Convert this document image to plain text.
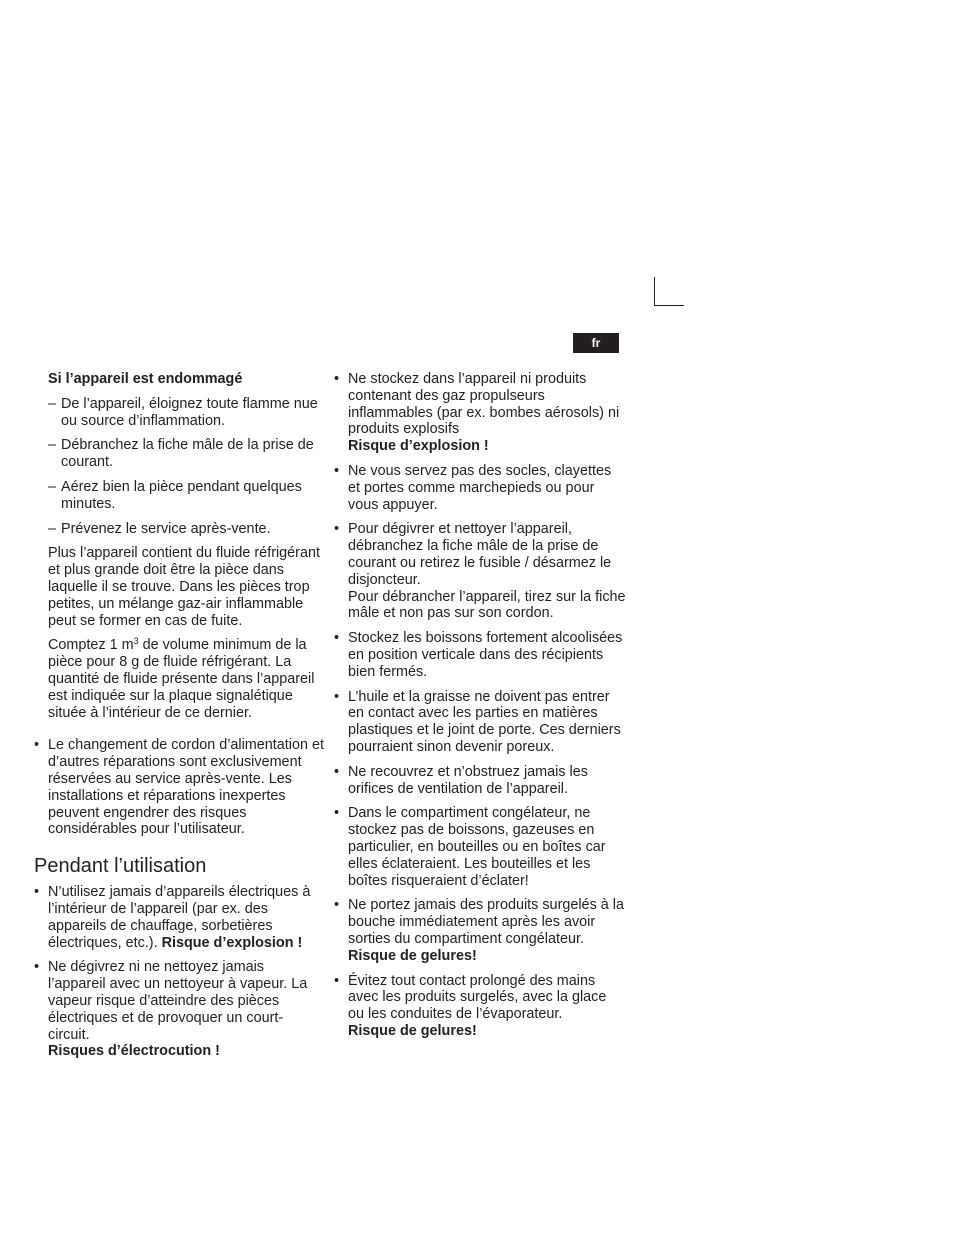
fr

Si l’appareil est endommagé

– De l’appareil, éloignez toute flamme nue ou source d’inflammation.
– Débranchez la fiche mâle de la prise de courant.
– Aérez bien la pièce pendant quelques minutes.
– Prévenez le service après-vente.

Plus l’appareil contient du fluide réfrigérant et plus grande doit être la pièce dans laquelle il se trouve. Dans les pièces trop petites, un mélange gaz-air inflammable peut se former en cas de fuite.

Comptez 1 $m^3$ de volume minimum de la pièce pour 8 g de fluide réfrigérant. La quantité de fluide présente dans l’appareil est indiquée sur la plaque signalétique située à l’intérieur de ce dernier.

• Le changement de cordon d’alimentation et d’autres réparations sont exclusivement réservées au service après-vente. Les installations et réparations inexpertes peuvent engendrer des risques considérables pour l’utilisateur.
Pendant l’utilisation
• N’utilisez jamais d’appareils électriques à l’intérieur de l’appareil (par ex. des appareils de chauffage, sorbetières électriques, etc.). Risque d’explosion !
• Ne dégivrez ni ne nettoyez jamais l’appareil avec un nettoyeur à vapeur. La vapeur risque d’atteindre des pièces électriques et de provoquer un court-circuit.
Risques d’électrocution !
• Ne stockez dans l’appareil ni produits contenant des gaz propulseurs inflammables (par ex. bombes aérosols) ni produits explosifs
Risque d’explosion !
• Ne vous servez pas des socles, clayettes et portes comme marchepieds ou pour vous appuyer.
• Pour dégivrer et nettoyer l’appareil, débranchez la fiche mâle de la prise de courant ou retirez le fusible / désarmez le disjoncteur.
Pour débrancher l’appareil, tirez sur la fiche mâle et non pas sur son cordon.
• Stockez les boissons fortement alcoolisées en position verticale dans des récipients bien fermés.
• L’huile et la graisse ne doivent pas entrer en contact avec les parties en matières plastiques et le joint de porte. Ces derniers pourraient sinon devenir poreux.
• Ne recouvrez et n’obstruez jamais les orifices de ventilation de l’appareil.
• Dans le compartiment congélateur, ne stockez pas de boissons, gazeuses en particulier, en bouteilles ou en boîtes car elles éclateraient. Les bouteilles et les boîtes risqueraient d’éclater!
• Ne portez jamais des produits surgelés à la bouche immédiatement après les avoir sorties du compartiment congélateur.
Risque de gelures!
• Évitez tout contact prolongé des mains avec les produits surgelés, avec la glace ou les conduites de l’évaporateur.
Risque de gelures!
